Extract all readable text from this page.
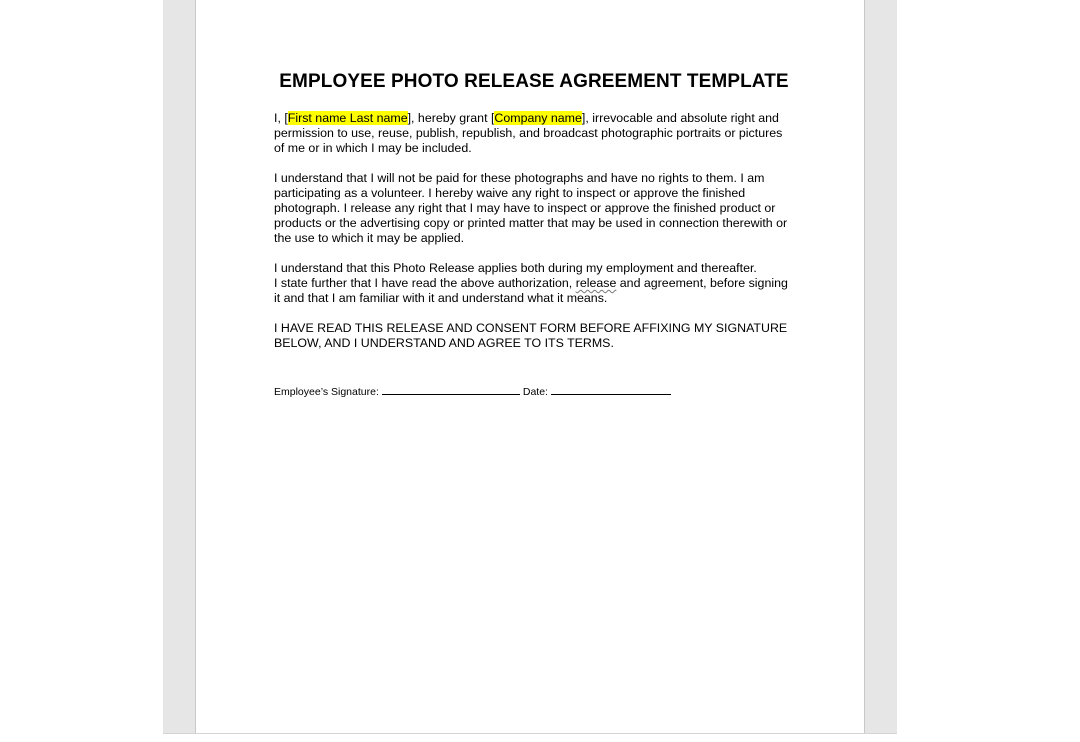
EMPLOYEE PHOTO RELEASE AGREEMENT TEMPLATE

I, [First name Last name], hereby grant [Company name], irrevocable and absolute right and permission to use, reuse, publish, republish, and broadcast photographic portraits or pictures of me or in which I may be included.

I understand that I will not be paid for these photographs and have no rights to them. I am participating as a volunteer. I hereby waive any right to inspect or approve the finished photograph. I release any right that I may have to inspect or approve the finished product or products or the advertising copy or printed matter that may be used in connection therewith or the use to which it may be applied.

I understand that this Photo Release applies both during my employment and thereafter.
I state further that I have read the above authorization, release and agreement, before signing it and that I am familiar with it and understand what it means.

I HAVE READ THIS RELEASE AND CONSENT FORM BEFORE AFFIXING MY SIGNATURE BELOW, AND I UNDERSTAND AND AGREE TO ITS TERMS.

Employee’s Signature:	Date:
